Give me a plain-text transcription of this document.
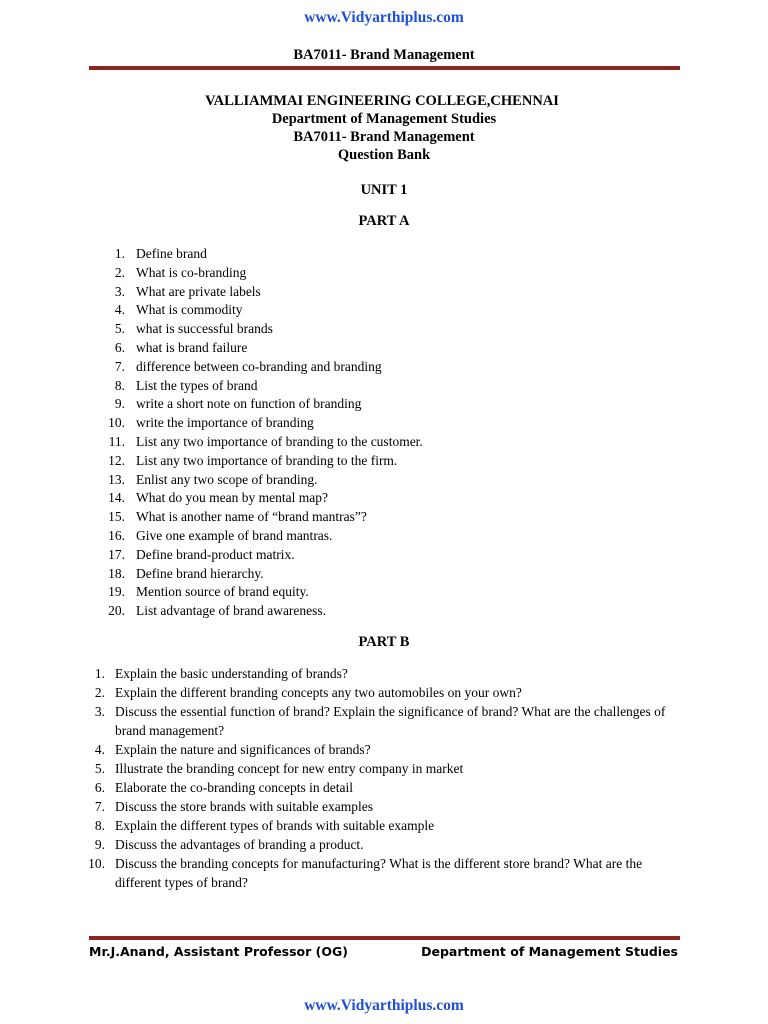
www.Vidyarthiplus.com
BA7011- Brand Management
VALLIAMMAI ENGINEERING COLLEGE,CHENNAI
Department of Management Studies
BA7011- Brand Management
Question Bank
UNIT 1
PART A
1. Define brand
2. What is co-branding
3. What are private labels
4. What is commodity
5. what is successful brands
6. what is brand failure
7. difference between co-branding and branding
8. List the types of brand
9. write a short note on function of branding
10. write the importance of branding
11. List any two importance of branding to the customer.
12. List any two importance of branding to the firm.
13. Enlist any two scope of branding.
14. What do you mean by mental map?
15. What is another name of “brand mantras”?
16. Give one example of brand mantras.
17. Define brand-product matrix.
18. Define brand hierarchy.
19. Mention source of brand equity.
20. List advantage of brand awareness.
PART B
1. Explain the basic understanding of brands?
2. Explain the different branding concepts any two automobiles on your own?
3. Discuss the essential function of brand? Explain the significance of brand? What are the challenges of brand management?
4. Explain the nature and significances of brands?
5. Illustrate the branding concept for new entry company in market
6. Elaborate the co-branding concepts in detail
7. Discuss the store brands with suitable examples
8. Explain the different types of brands with suitable example
9. Discuss the advantages of branding a product.
10. Discuss the branding concepts for manufacturing? What is the different store brand? What are the different types of brand?
Mr.J.Anand, Assistant Professor (OG)	Department of Management Studies
www.Vidyarthiplus.com
